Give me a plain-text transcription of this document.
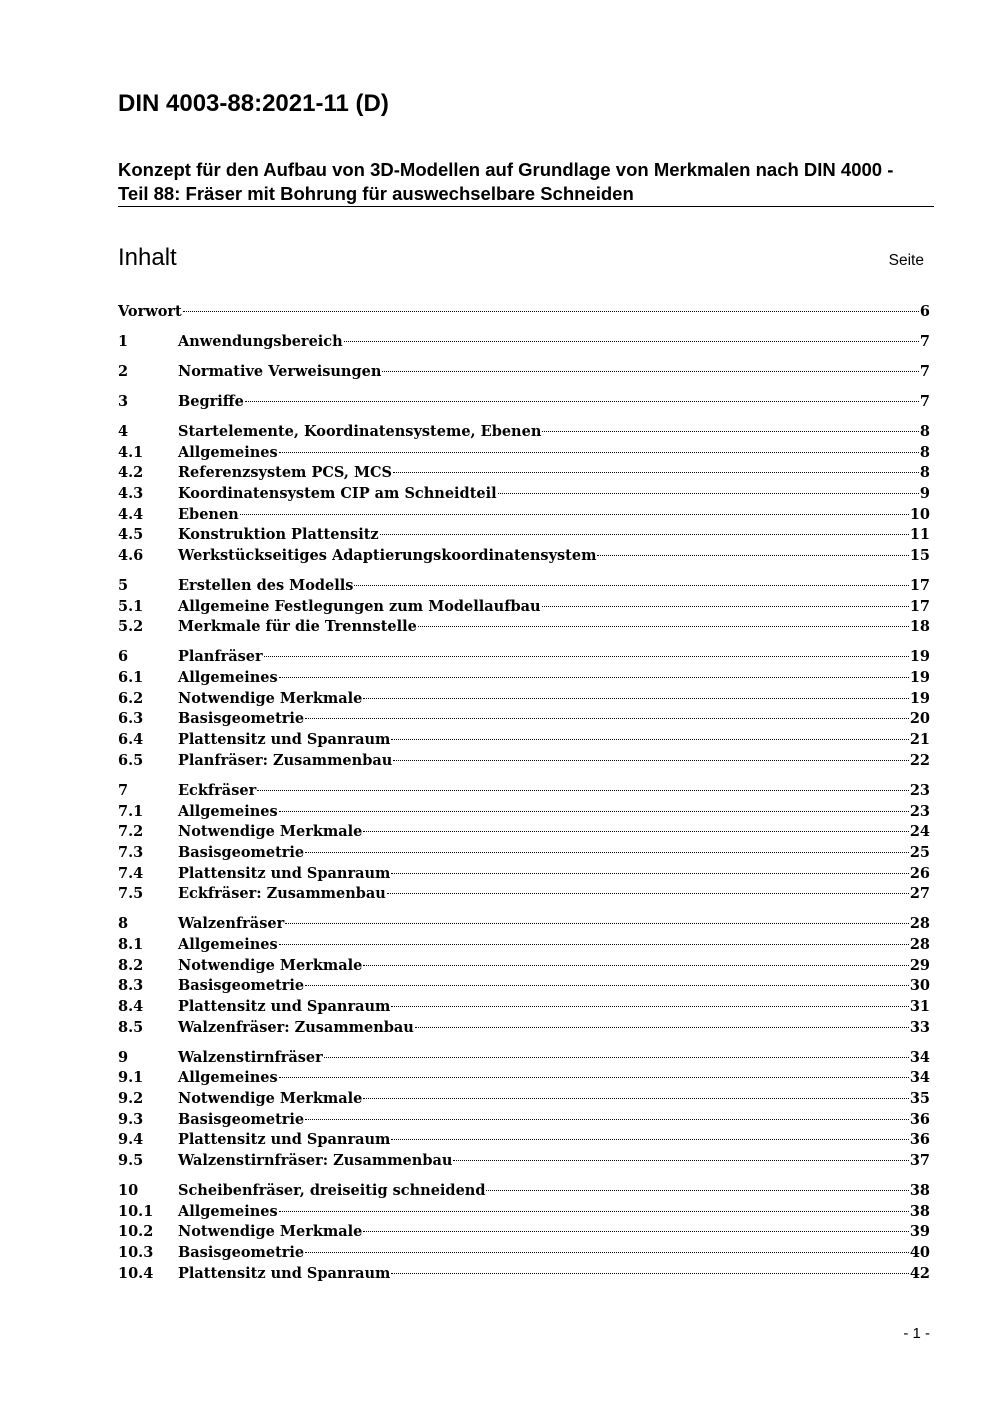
DIN 4003-88:2021-11 (D)
Konzept für den Aufbau von 3D-Modellen auf Grundlage von Merkmalen nach DIN 4000 - Teil 88: Fräser mit Bohrung für auswechselbare Schneiden
Inhalt	Seite
Vorwort	6
1	Anwendungsbereich	7
2	Normative Verweisungen	7
3	Begriffe	7
4	Startelemente, Koordinatensysteme, Ebenen	8
4.1	Allgemeines	8
4.2	Referenzsystem PCS, MCS	8
4.3	Koordinatensystem CIP am Schneidteil	9
4.4	Ebenen	10
4.5	Konstruktion Plattensitz	11
4.6	Werkstückseitiges Adaptierungskoordinatensystem	15
5	Erstellen des Modells	17
5.1	Allgemeine Festlegungen zum Modellaufbau	17
5.2	Merkmale für die Trennstelle	18
6	Planfräser	19
6.1	Allgemeines	19
6.2	Notwendige Merkmale	19
6.3	Basisgeometrie	20
6.4	Plattensitz und Spanraum	21
6.5	Planfräser: Zusammenbau	22
7	Eckfräser	23
7.1	Allgemeines	23
7.2	Notwendige Merkmale	24
7.3	Basisgeometrie	25
7.4	Plattensitz und Spanraum	26
7.5	Eckfräser: Zusammenbau	27
8	Walzenfräser	28
8.1	Allgemeines	28
8.2	Notwendige Merkmale	29
8.3	Basisgeometrie	30
8.4	Plattensitz und Spanraum	31
8.5	Walzenfräser: Zusammenbau	33
9	Walzenstirnfräser	34
9.1	Allgemeines	34
9.2	Notwendige Merkmale	35
9.3	Basisgeometrie	36
9.4	Plattensitz und Spanraum	36
9.5	Walzenstirnfräser: Zusammenbau	37
10	Scheibenfräser, dreiseitig schneidend	38
10.1	Allgemeines	38
10.2	Notwendige Merkmale	39
10.3	Basisgeometrie	40
10.4	Plattensitz und Spanraum	42
- 1 -
